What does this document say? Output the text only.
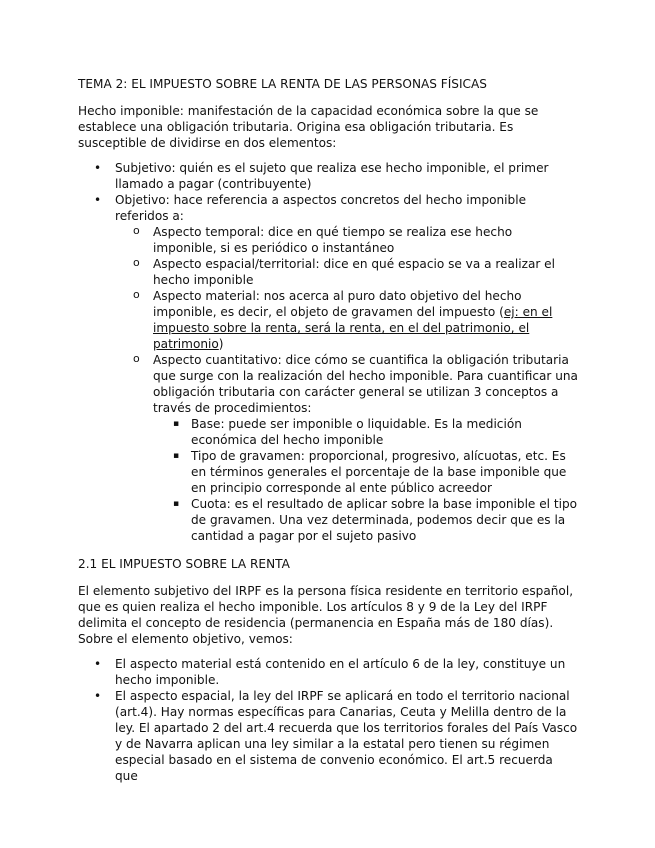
TEMA 2: EL IMPUESTO SOBRE LA RENTA DE LAS PERSONAS FÍSICAS

Hecho imponible: manifestación de la capacidad económica sobre la que se establece una obligación tributaria. Origina esa obligación tributaria. Es susceptible de dividirse en dos elementos:

• Subjetivo: quién es el sujeto que realiza ese hecho imponible, el primer llamado a pagar (contribuyente)
• Objetivo: hace referencia a aspectos concretos del hecho imponible referidos a:
o Aspecto temporal: dice en qué tiempo se realiza ese hecho imponible, si es periódico o instantáneo
o Aspecto espacial/territorial: dice en qué espacio se va a realizar el hecho imponible
o Aspecto material: nos acerca al puro dato objetivo del hecho imponible, es decir, el objeto de gravamen del impuesto (ej: en el impuesto sobre la renta, será la renta, en el del patrimonio, el patrimonio)
o Aspecto cuantitativo: dice cómo se cuantifica la obligación tributaria que surge con la realización del hecho imponible. Para cuantificar una obligación tributaria con carácter general se utilizan 3 conceptos a través de procedimientos:
▪ Base: puede ser imponible o liquidable. Es la medición económica del hecho imponible
▪ Tipo de gravamen: proporcional, progresivo, alícuotas, etc. Es en términos generales el porcentaje de la base imponible que en principio corresponde al ente público acreedor
▪ Cuota: es el resultado de aplicar sobre la base imponible el tipo de gravamen. Una vez determinada, podemos decir que es la cantidad a pagar por el sujeto pasivo
2.1 EL IMPUESTO SOBRE LA RENTA

El elemento subjetivo del IRPF es la persona física residente en territorio español, que es quien realiza el hecho imponible. Los artículos 8 y 9 de la Ley del IRPF delimita el concepto de residencia (permanencia en España más de 180 días). Sobre el elemento objetivo, vemos:

• El aspecto material está contenido en el artículo 6 de la ley, constituye un hecho imponible.
• El aspecto espacial, la ley del IRPF se aplicará en todo el territorio nacional (art.4). Hay normas específicas para Canarias, Ceuta y Melilla dentro de la ley. El apartado 2 del art.4 recuerda que los territorios forales del País Vasco y de Navarra aplican una ley similar a la estatal pero tienen su régimen especial basado en el sistema de convenio económico. El art.5 recuerda que
